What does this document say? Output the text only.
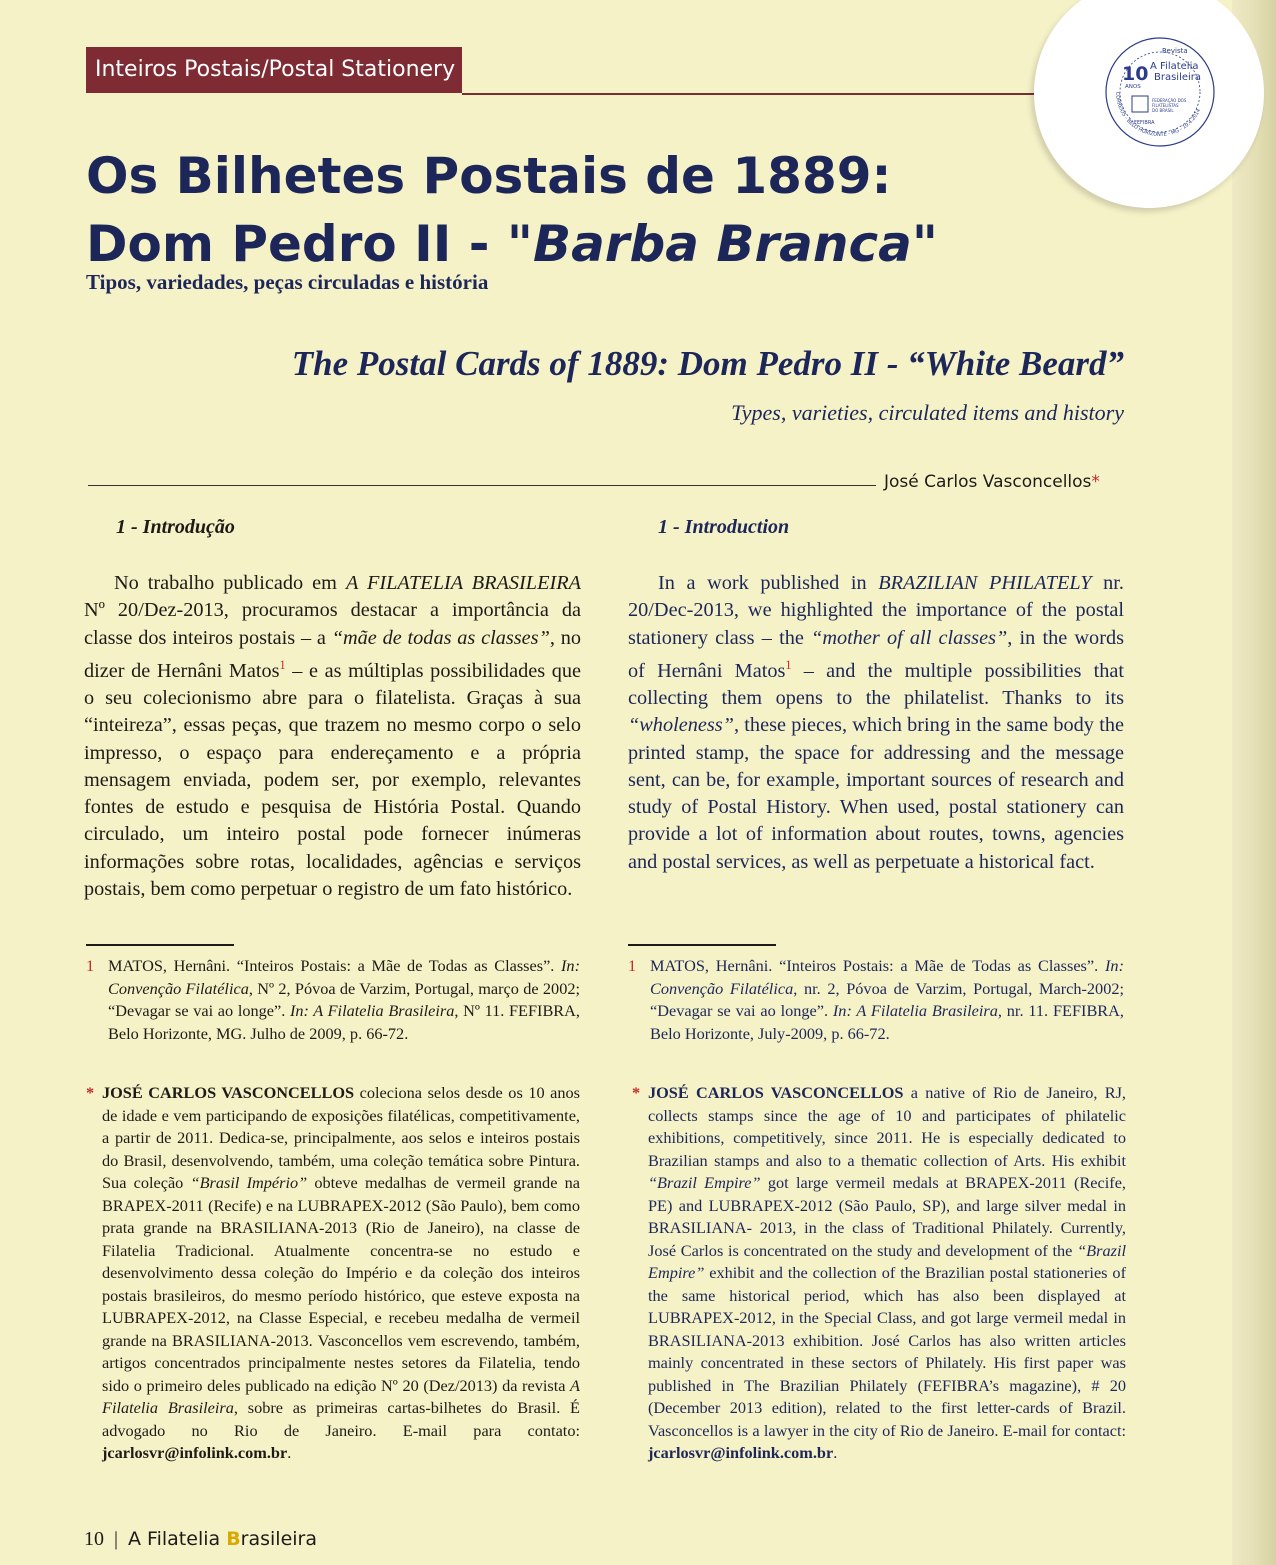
Inteiros Postais/Postal Stationery
CORREIOS - BELO HORIZONTE - MG - 10.4.2014
Revista
10
ANOS
A Filatelia
Brasileira
FEFIBRA
FEDERAÇÃO DOS FILATELISTAS DO BRASIL
Os Bilhetes Postais de 1889:
Dom Pedro II - "Barba Branca"

Tipos, variedades, peças circuladas e história

The Postal Cards of 1889: Dom Pedro II - “White Beard”

Types, varieties, circulated items and history

José Carlos Vasconcellos*
1 - Introdução	1 - Introduction

No trabalho publicado em A FILATELIA BRASILEIRA Nº 20/Dez-2013, procuramos destacar a importância da classe dos inteiros postais – a “mãe de todas as classes”, no dizer de Hernâni Matos$^1$ – e as múltiplas possibilidades que o seu colecionismo abre para o filatelista. Graças à sua “inteireza”, essas peças, que trazem no mesmo corpo o selo impresso, o espaço para endereçamento e a própria mensagem enviada, podem ser, por exemplo, relevantes fontes de estudo e pesquisa de História Postal. Quando circulado, um inteiro postal pode fornecer inúmeras informações sobre rotas, localidades, agências e serviços postais, bem como perpetuar o registro de um fato histórico.

In a work published in BRAZILIAN PHILATELY nr. 20/Dec-2013, we highlighted the importance of the postal stationery class – the “mother of all classes”, in the words of Hernâni Matos$^1$ – and the multiple possibilities that collecting them opens to the philatelist. Thanks to its “wholeness”, these pieces, which bring in the same body the printed stamp, the space for addressing and the message sent, can be, for example, important sources of research and study of Postal History. When used, postal stationery can provide a lot of information about routes, towns, agencies and postal services, as well as perpetuate a historical fact.

1 MATOS, Hernâni. “Inteiros Postais: a Mãe de Todas as Classes”. In: Convenção Filatélica, Nº 2, Póvoa de Varzim, Portugal, março de 2002; “Devagar se vai ao longe”. In: A Filatelia Brasileira, Nº 11. FEFIBRA, Belo Horizonte, MG. Julho de 2009, p. 66-72.

1 MATOS, Hernâni. “Inteiros Postais: a Mãe de Todas as Classes”. In: Convenção Filatélica, nr. 2, Póvoa de Varzim, Portugal, March-2002; “Devagar se vai ao longe”. In: A Filatelia Brasileira, nr. 11. FEFIBRA, Belo Horizonte, July-2009, p. 66-72.

* JOSÉ CARLOS VASCONCELLOS coleciona selos desde os 10 anos de idade e vem participando de exposições filatélicas, competitivamente, a partir de 2011. Dedica-se, principalmente, aos selos e inteiros postais do Brasil, desenvolvendo, também, uma coleção temática sobre Pintura. Sua coleção “Brasil Império” obteve medalhas de vermeil grande na BRAPEX-2011 (Recife) e na LUBRAPEX-2012 (São Paulo), bem como prata grande na BRASILIANA-2013 (Rio de Janeiro), na classe de Filatelia Tradicional. Atualmente concentra-se no estudo e desenvolvimento dessa coleção do Império e da coleção dos inteiros postais brasileiros, do mesmo período histórico, que esteve exposta na LUBRAPEX-2012, na Classe Especial, e recebeu medalha de vermeil grande na BRASILIANA-2013. Vasconcellos vem escrevendo, também, artigos concentrados principalmente nestes setores da Filatelia, tendo sido o primeiro deles publicado na edição Nº 20 (Dez/2013) da revista A Filatelia Brasileira, sobre as primeiras cartas-bilhetes do Brasil. É advogado no Rio de Janeiro. E-mail para contato: jcarlosvr@infolink.com.br.

* JOSÉ CARLOS VASCONCELLOS a native of Rio de Janeiro, RJ, collects stamps since the age of 10 and participates of philatelic exhibitions, competitively, since 2011. He is especially dedicated to Brazilian stamps and also to a thematic collection of Arts. His exhibit “Brazil Empire” got large vermeil medals at BRAPEX-2011 (Recife, PE) and LUBRAPEX-2012 (São Paulo, SP), and large silver medal in BRASILIANA- 2013, in the class of Traditional Philately. Currently, José Carlos is concentrated on the study and development of the “Brazil Empire” exhibit and the collection of the Brazilian postal stationeries of the same historical period, which has also been displayed at LUBRAPEX-2012, in the Special Class, and got large vermeil medal in BRASILIANA-2013 exhibition. José Carlos has also written articles mainly concentrated in these sectors of Philately. His first paper was published in The Brazilian Philately (FEFIBRA’s magazine), # 20 (December 2013 edition), related to the first letter-cards of Brazil. Vasconcellos is a lawyer in the city of Rio de Janeiro. E-mail for contact: jcarlosvr@infolink.com.br.

10 | A Filatelia Brasileira
